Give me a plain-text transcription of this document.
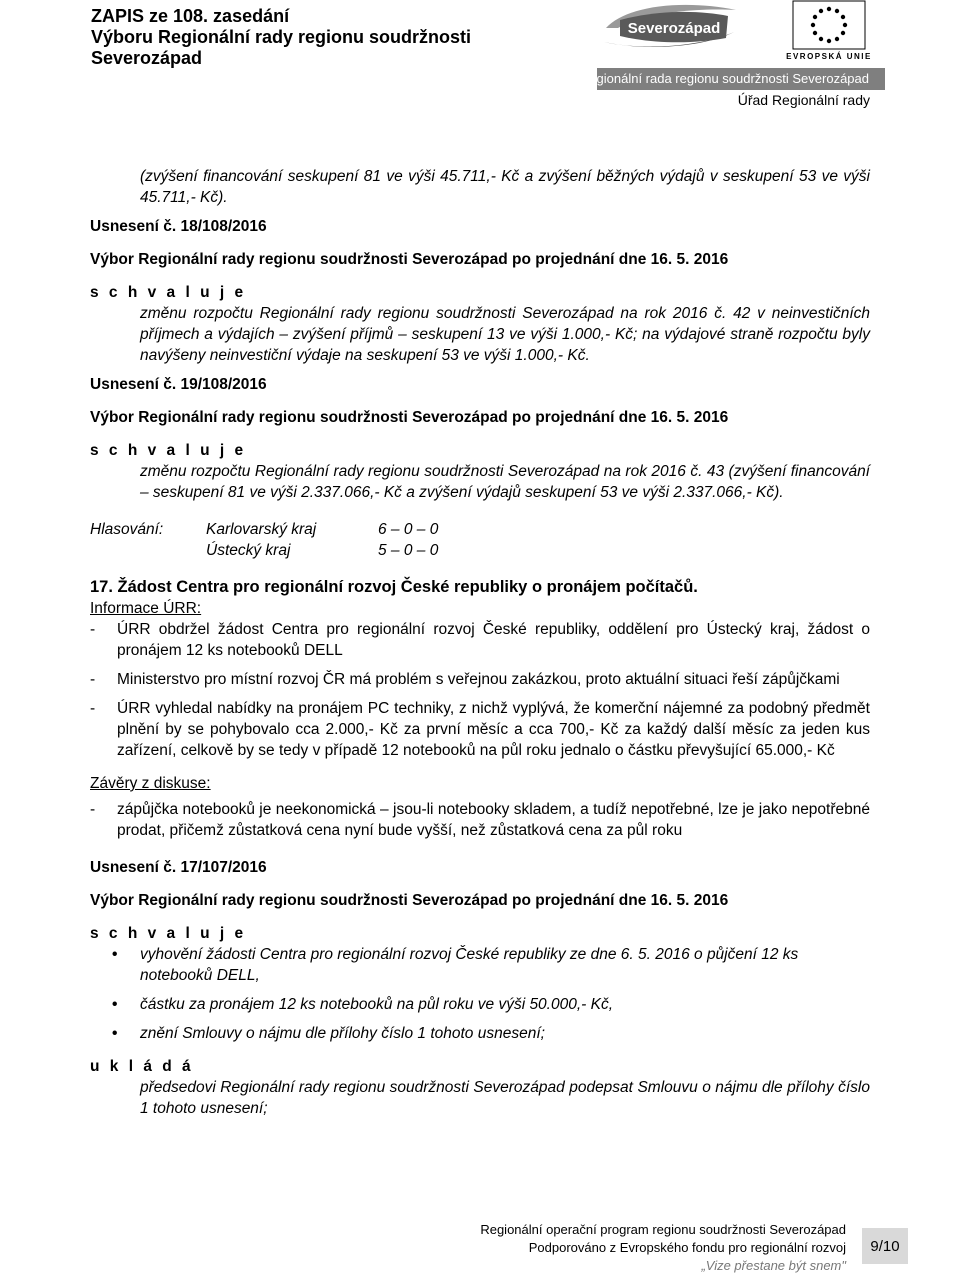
ZAPIS ze 108. zasedání
Výboru Regionální rady regionu soudržnosti
Severozápad
Severozápad
EVROPSKÁ UNIE
Regionální rada regionu soudržnosti Severozápad
Úřad Regionální rady

(zvýšení financování seskupení 81 ve výši 45.711,- Kč a zvýšení běžných výdajů v seskupení 53 ve výši 45.711,- Kč).

Usnesení č. 18/108/2016
Výbor Regionální rady regionu soudržnosti Severozápad po projednání dne 16. 5. 2016
s c h v a l u j e

změnu rozpočtu Regionální rady regionu soudržnosti Severozápad na rok 2016 č. 42 v neinvestičních příjmech a výdajích – zvýšení příjmů – seskupení 13 ve výši 1.000,- Kč; na výdajové straně rozpočtu byly navýšeny neinvestiční výdaje na seskupení 53 ve výši 1.000,- Kč.

Usnesení č. 19/108/2016
Výbor Regionální rady regionu soudržnosti Severozápad po projednání dne 16. 5. 2016
s c h v a l u j e

změnu rozpočtu Regionální rady regionu soudržnosti Severozápad na rok 2016 č. 43 (zvýšení financování – seskupení 81 ve výši 2.337.066,- Kč a zvýšení výdajů seskupení 53 ve výši 2.337.066,- Kč).

Hlasování:	Karlovarský kraj	6 – 0 – 0
Ústecký kraj	5 – 0 – 0
17. Žádost Centra pro regionální rozvoj České republiky o pronájem počítačů.
Informace ÚRR:
-	ÚRR obdržel žádost Centra pro regionální rozvoj České republiky, oddělení pro Ústecký kraj, žádost o pronájem 12 ks notebooků DELL
-	Ministerstvo pro místní rozvoj ČR má problém s veřejnou zakázkou, proto aktuální situaci řeší zápůjčkami
-	ÚRR vyhledal nabídky na pronájem PC techniky, z nichž vyplývá, že komerční nájemné za podobný předmět plnění by se pohybovalo cca 2.000,- Kč za první měsíc a cca 700,- Kč za každý další měsíc za jeden kus zařízení, celkově by se tedy v případě 12 notebooků na půl roku jednalo o částku převyšující 65.000,- Kč
Závěry z diskuse:
-	zápůjčka notebooků je neekonomická – jsou-li notebooky skladem, a tudíž nepotřebné, lze je jako nepotřebné prodat, přičemž zůstatková cena nyní bude vyšší, než zůstatková cena za půl roku
Usnesení č. 17/107/2016
Výbor Regionální rady regionu soudržnosti Severozápad po projednání dne 16. 5. 2016
s c h v a l u j e
• vyhovění žádosti Centra pro regionální rozvoj České republiky ze dne 6. 5. 2016 o půjčení 12 ks notebooků DELL,
• částku za pronájem 12 ks notebooků na půl roku ve výši 50.000,- Kč,
• znění Smlouvy o nájmu dle přílohy číslo 1 tohoto usnesení;
u k l á d á

předsedovi Regionální rady regionu soudržnosti Severozápad podepsat Smlouvu o nájmu dle přílohy číslo 1 tohoto usnesení;

Regionální operační program regionu soudržnosti Severozápad
Podporováno z Evropského fondu pro regionální rozvoj
„Vize přestane být snem"
9/10
